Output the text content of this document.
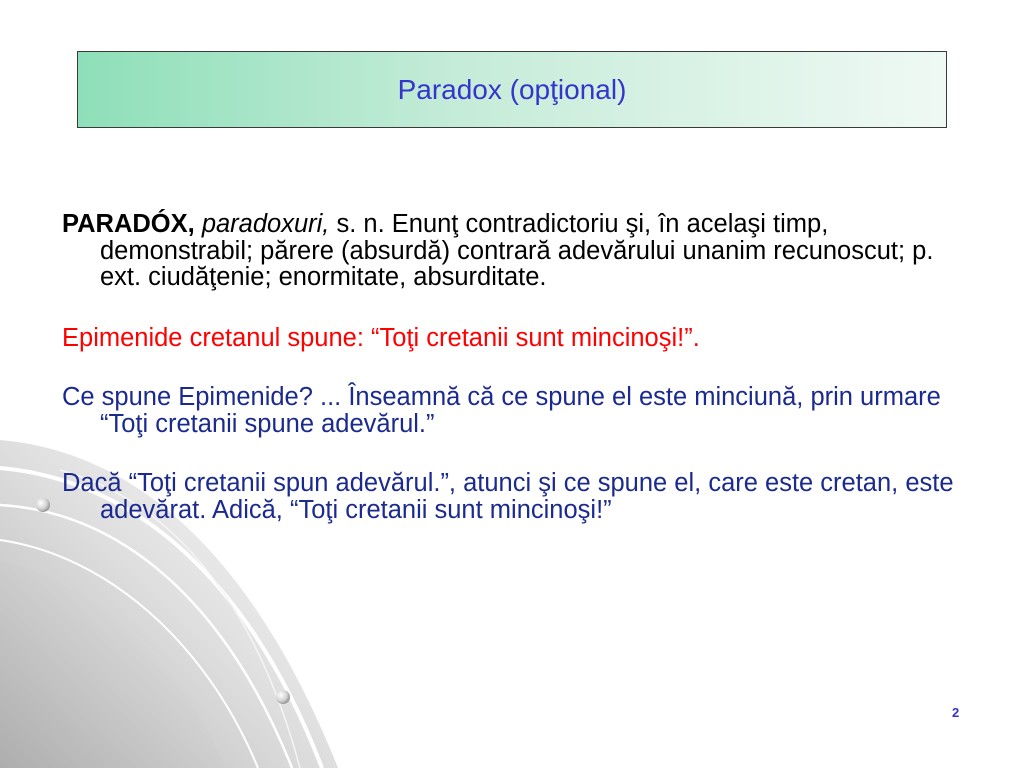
Paradox (opţional)

PARADÓX, paradoxuri, s. n. Enunţ contradictoriu şi, în acelaşi timp, demonstrabil; părere (absurdă) contrară adevărului unanim recunoscut; p. ext. ciudăţenie; enormitate, absurditate.

Epimenide cretanul spune: “Toţi cretanii sunt mincinoşi!”.

Ce spune Epimenide? ... Înseamnă că ce spune el este minciună, prin urmare “Toţi cretanii spune adevărul.”

Dacă “Toţi cretanii spun adevărul.”, atunci şi ce spune el, care este cretan, este adevărat. Adică, “Toţi cretanii sunt mincinoşi!”

2
